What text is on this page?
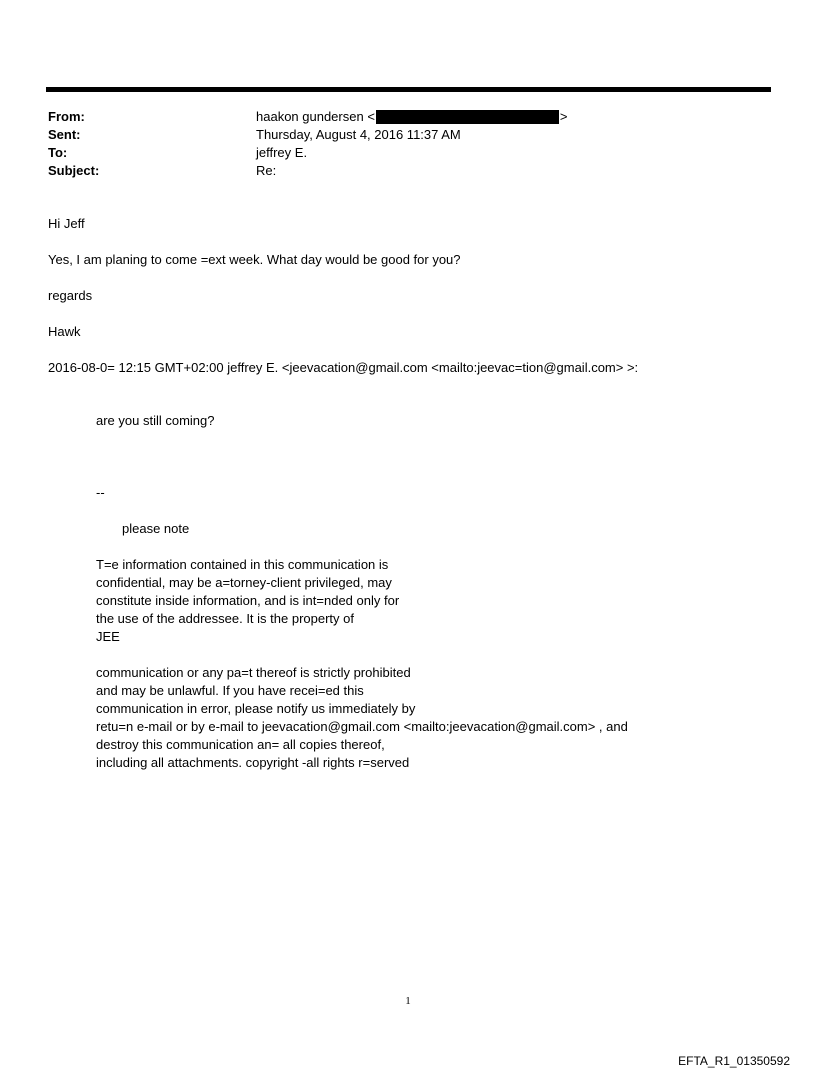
From:	haakon gundersen <	>
Sent:	Thursday, August 4, 2016 11:37 AM
To:	jeffrey E.
Subject:	Re:

Hi Jeff

Yes, I am planing to come =ext week. What day would be good for you?

regards

Hawk

2016-08-0= 12:15 GMT+02:00 jeffrey E. <jeevacation@gmail.com <mailto:jeevac=tion@gmail.com> >:

are you still coming?
--
please note
T=e information contained in this communication is
confidential, may be a=torney-client privileged, may
constitute inside information, and is int=nded only for
the use of the addressee. It is the property of
JEE
communication or any pa=t thereof is strictly prohibited
and may be unlawful. If you have recei=ed this
communication in error, please notify us immediately by
retu=n e-mail or by e-mail to jeevacation@gmail.com <mailto:jeevacation@gmail.com> , and
destroy this communication an= all copies thereof,
including all attachments. copyright -all rights r=served
1
EFTA_R1_01350592
